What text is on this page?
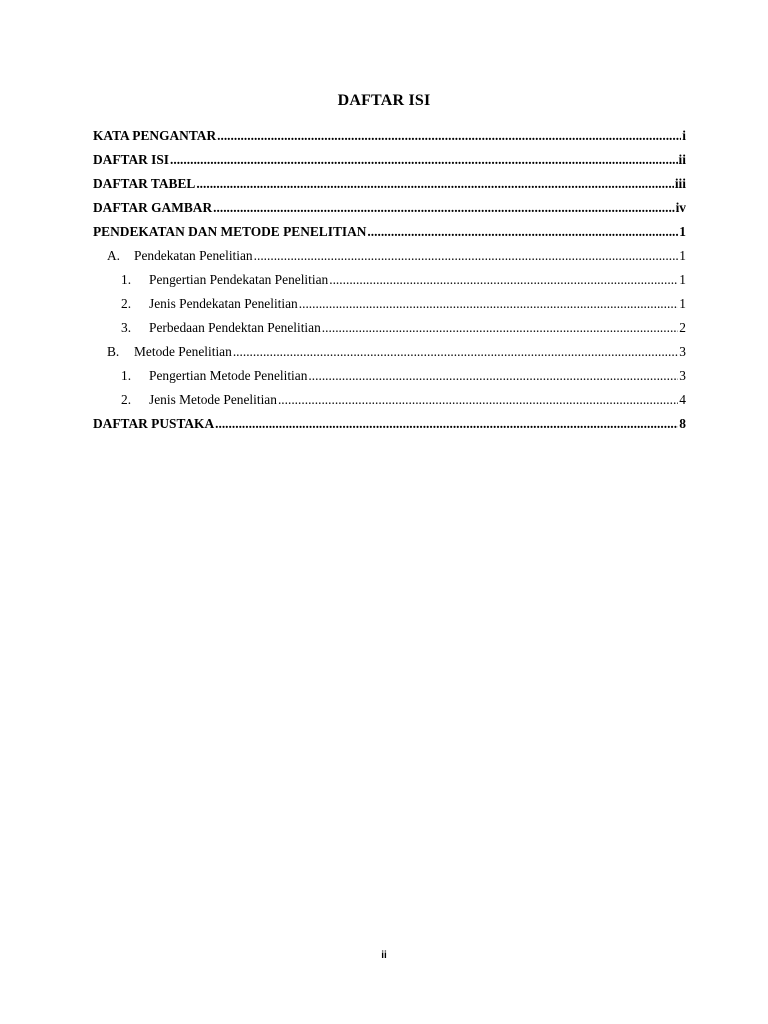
DAFTAR ISI
KATA PENGANTAR .....	i
DAFTAR ISI .....	ii
DAFTAR TABEL .....	iii
DAFTAR GAMBAR .....	iv
PENDEKATAN DAN METODE PENELITIAN .....	1
A.	Pendekatan Penelitian .....	1
1.	Pengertian Pendekatan Penelitian .....	1
2.	Jenis Pendekatan Penelitian .....	1
3.	Perbedaan Pendektan Penelitian .....	2
B.	Metode Penelitian .....	3
1.	Pengertian Metode Penelitian .....	3
2.	Jenis Metode Penelitian .....	4
DAFTAR PUSTAKA .....	8
ii
